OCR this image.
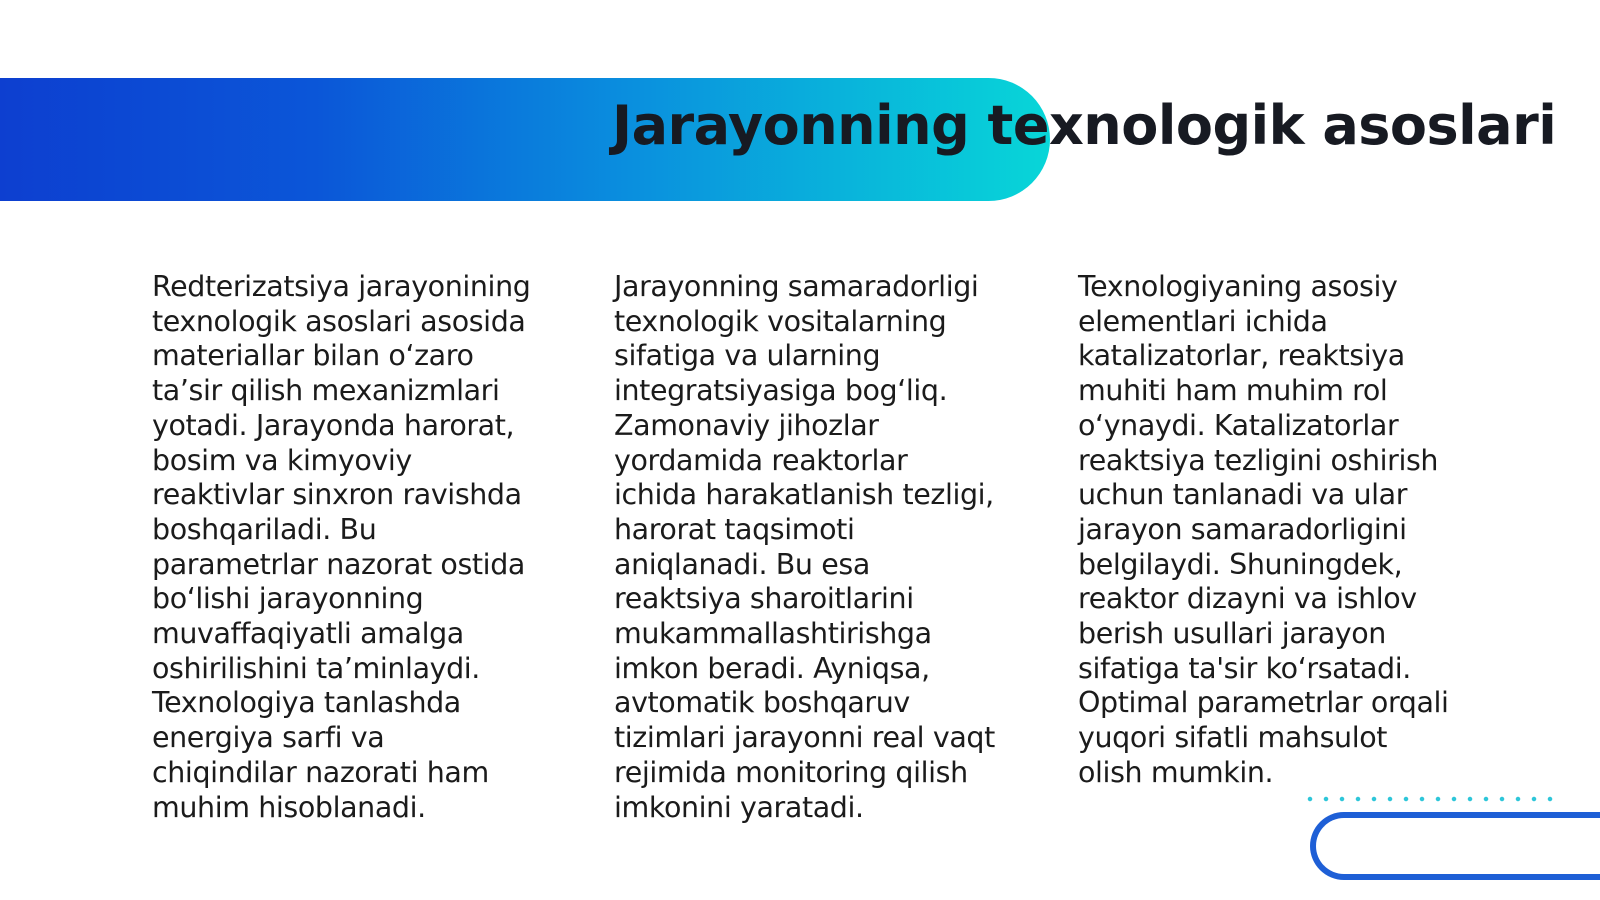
Jarayonning texnologik asoslari
Redterizatsiya jarayonining
texnologik asoslari asosida
materiallar bilan o‘zaro
ta’sir qilish mexanizmlari
yotadi. Jarayonda harorat,
bosim va kimyoviy
reaktivlar sinxron ravishda
boshqariladi. Bu
parametrlar nazorat ostida
bo‘lishi jarayonning
muvaffaqiyatli amalga
oshirilishini ta’minlaydi.
Texnologiya tanlashda
energiya sarfi va
chiqindilar nazorati ham
muhim hisoblanadi.
Jarayonning samaradorligi
texnologik vositalarning
sifatiga va ularning
integratsiyasiga bog‘liq.
Zamonaviy jihozlar
yordamida reaktorlar
ichida harakatlanish tezligi,
harorat taqsimoti
aniqlanadi. Bu esa
reaktsiya sharoitlarini
mukammallashtirishga
imkon beradi. Ayniqsa,
avtomatik boshqaruv
tizimlari jarayonni real vaqt
rejimida monitoring qilish
imkonini yaratadi.
Texnologiyaning asosiy
elementlari ichida
katalizatorlar, reaktsiya
muhiti ham muhim rol
o‘ynaydi. Katalizatorlar
reaktsiya tezligini oshirish
uchun tanlanadi va ular
jarayon samaradorligini
belgilaydi. Shuningdek,
reaktor dizayni va ishlov
berish usullari jarayon
sifatiga ta'sir ko‘rsatadi.
Optimal parametrlar orqali
yuqori sifatli mahsulot
olish mumkin.
